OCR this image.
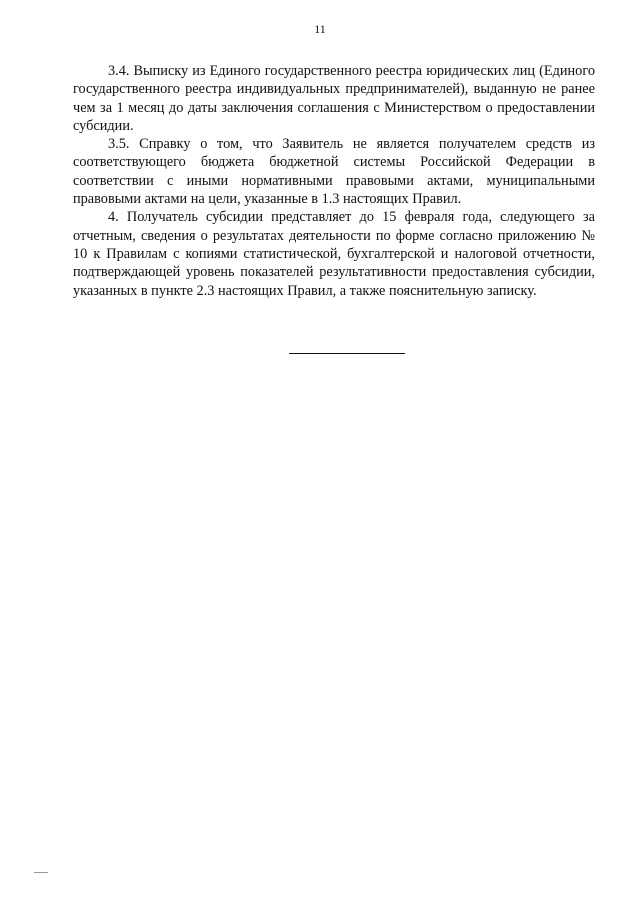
11

3.4. Выписку из Единого государственного реестра юридических лиц (Единого государственного реестра индивидуальных предпринимателей), выданную не ранее чем за 1 месяц до даты заключения соглашения с Министерством о предоставлении субсидии.

3.5. Справку о том, что Заявитель не является получателем средств из соответствующего бюджета бюджетной системы Российской Федерации в соответствии с иными нормативными правовыми актами, муниципальными правовыми актами на цели, указанные в 1.3 настоящих Правил.

4. Получатель субсидии представляет до 15 февраля года, следующего за отчетным, сведения о результатах деятельности по форме согласно приложению № 10 к Правилам с копиями статистической, бухгалтерской и налоговой отчетности, подтверждающей уровень показателей результативности предоставления субсидии, указанных в пункте 2.3 настоящих Правил, а также пояснительную записку.
